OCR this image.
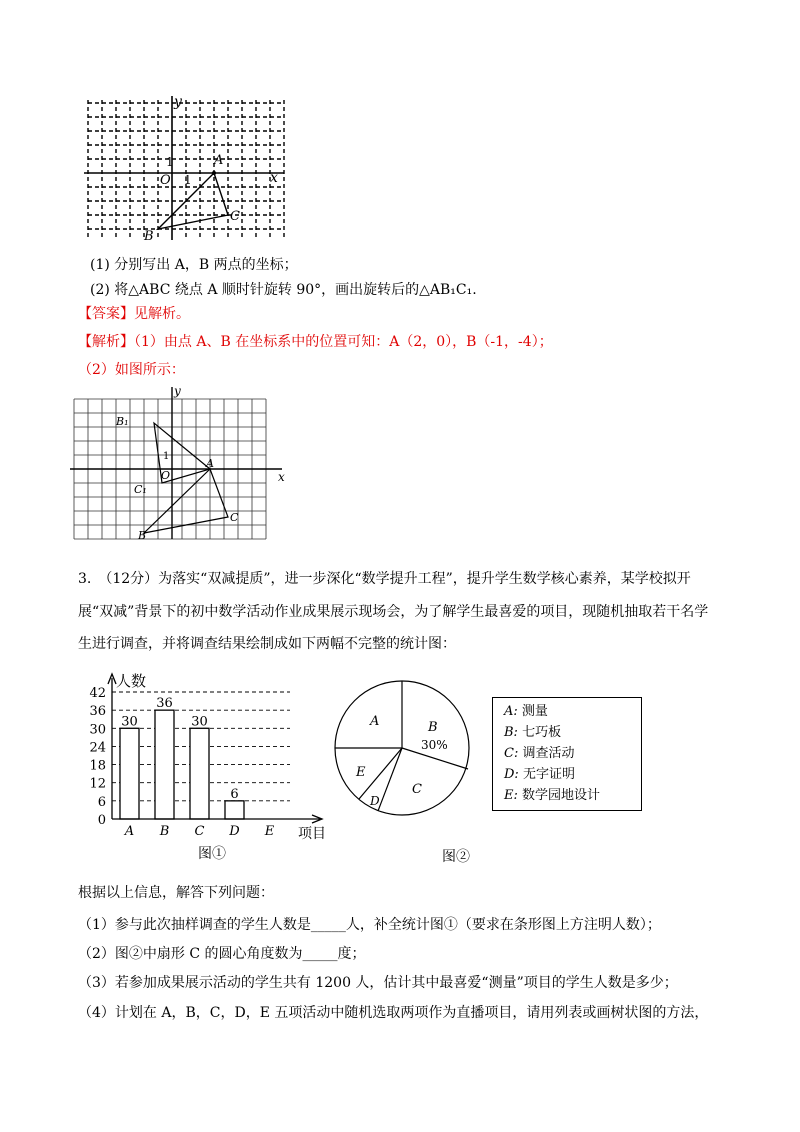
y
x
O
1
1
A
B
C
(1) 分别写出 A，B 两点的坐标；
(2) 将△ABC 绕点 A 顺时针旋转 90°，画出旋转后的△AB₁C₁.
【答案】见解析。
【解析】（1）由点 A、B 在坐标系中的位置可知：A（2，0），B（-1，-4）；
（2）如图所示：
y
x
O
1
A
B
C
B₁
C₁
3.　（12分）为落实“双减提质”，进一步深化“数学提升工程”，提升学生数学核心素养，某学校拟开
展“双减”背景下的初中数学活动作业成果展示现场会，为了解学生最喜爱的项目，现随机抽取若干名学
生进行调查，并将调查结果绘制成如下两幅不完整的统计图：
30
36
30
6
0
6
12
18
24
30
36
42
A B C D E
人数
项目
图①
A	B
30%
C
D
E
图②
A: 测量
B: 七巧板
C: 调查活动
D: 无字证明
E: 数学园地设计
根据以上信息，解答下列问题：
（1）参与此次抽样调查的学生人数是_____人，补全统计图①（要求在条形图上方注明人数）；
（2）图②中扇形 C 的圆心角度数为_____度；
（3）若参加成果展示活动的学生共有 1200 人，估计其中最喜爱“测量”项目的学生人数是多少；
（4）计划在 A，B，C，D，E 五项活动中随机选取两项作为直播项目，请用列表或画树状图的方法，
